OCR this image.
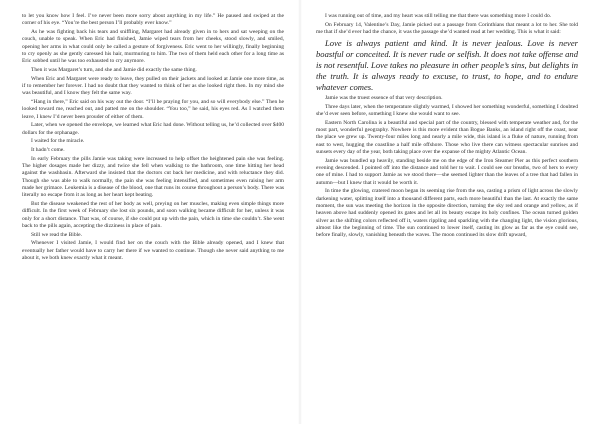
to let you know how I feel. I’ve never been more sorry about anything in my life.” He paused and swiped at the corner of his eye. “You’re the best person I’ll probably ever know.”

As he was fighting back his tears and sniffling, Margaret had already given in to hers and sat weeping on the couch, unable to speak. When Eric had finished, Jamie wiped tears from her cheeks, stood slowly, and smiled, opening her arms in what could only be called a gesture of forgiveness. Eric went to her willingly, finally beginning to cry openly as she gently caressed his hair, murmuring to him. The two of them held each other for a long time as Eric sobbed until he was too exhausted to cry anymore.

Then it was Margaret’s turn, and she and Jamie did exactly the same thing.

When Eric and Margaret were ready to leave, they pulled on their jackets and looked at Jamie one more time, as if to remember her forever. I had no doubt that they wanted to think of her as she looked right then. In my mind she was beautiful, and I know they felt the same way.

“Hang in there,” Eric said on his way out the door. “I’ll be praying for you, and so will everybody else.” Then he looked toward me, reached out, and patted me on the shoulder. “You too,” he said, his eyes red. As I watched them leave, I knew I’d never been prouder of either of them.

Later, when we opened the envelope, we learned what Eric had done. Without telling us, he’d collected over $400 dollars for the orphanage.

I waited for the miracle.

It hadn’t come.

In early February the pills Jamie was taking were increased to help offset the heightened pain she was feeling. The higher dosages made her dizzy, and twice she fell when walking to the bathroom, one time hitting her head against the washbasin. Afterward she insisted that the doctors cut back her medicine, and with reluctance they did. Though she was able to walk normally, the pain she was feeling intensified, and sometimes even raising her arm made her grimace. Leukemia is a disease of the blood, one that runs its course throughout a person’s body. There was literally no escape from it as long as her heart kept beating.

But the disease weakened the rest of her body as well, preying on her muscles, making even simple things more difficult. In the first week of February she lost six pounds, and soon walking became difficult for her, unless it was only for a short distance. That was, of course, if she could put up with the pain, which in time she couldn’t. She went back to the pills again, accepting the dizziness in place of pain.

Still we read the Bible.

Whenever I visited Jamie, I would find her on the couch with the Bible already opened, and I knew that eventually her father would have to carry her there if we wanted to continue. Though she never said anything to me about it, we both knew exactly what it meant.

I was running out of time, and my heart was still telling me that there was something more I could do.

On February 14, Valentine’s Day, Jamie picked out a passage from Corinthians that meant a lot to her. She told me that if she’d ever had the chance, it was the passage she’d wanted read at her wedding. This is what it said:

Love is always patient and kind. It is never jealous. Love is never boastful or conceited. It is never rude or selfish. It does not take offense and is not resentful. Love takes no pleasure in other people’s sins, but delights in the truth. It is always ready to excuse, to trust, to hope, and to endure whatever comes.

Jamie was the truest essence of that very description.

Three days later, when the temperature slightly warmed, I showed her something wonderful, something I doubted she’d ever seen before, something I knew she would want to see.

Eastern North Carolina is a beautiful and special part of the country, blessed with temperate weather and, for the most part, wonderful geography. Nowhere is this more evident than Bogue Banks, an island right off the coast, near the place we grew up. Twenty-four miles long and nearly a mile wide, this island is a fluke of nature, running from east to west, hugging the coastline a half mile offshore. Those who live there can witness spectacular sunrises and sunsets every day of the year, both taking place over the expanse of the mighty Atlantic Ocean.

Jamie was bundled up heavily, standing beside me on the edge of the Iron Steamer Pier as this perfect southern evening descended. I pointed off into the distance and told her to wait. I could see our breaths, two of hers to every one of mine. I had to support Jamie as we stood there—she seemed lighter than the leaves of a tree that had fallen in autumn—but I knew that it would be worth it.

In time the glowing, cratered moon began its seeming rise from the sea, casting a prism of light across the slowly darkening water, splitting itself into a thousand different parts, each more beautiful than the last. At exactly the same moment, the sun was meeting the horizon in the opposite direction, turning the sky red and orange and yellow, as if heaven above had suddenly opened its gates and let all its beauty escape its holy confines. The ocean turned golden silver as the shifting colors reflected off it, waters rippling and sparkling with the changing light, the vision glorious, almost like the beginning of time. The sun continued to lower itself, casting its glow as far as the eye could see, before finally, slowly, vanishing beneath the waves. The moon continued its slow drift upward,
